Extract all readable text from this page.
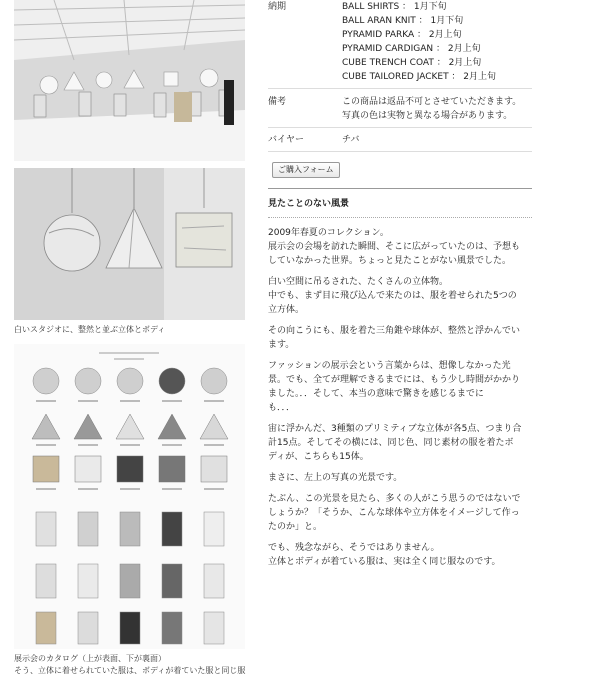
白いスタジオに、整然と並ぶ立体とボディ
展示会のカタログ（上が表面、下が裏面）
そう、立体に着せられていた服は、ボディが着ていた服と同じ服
納期	BALL SHIRTS ： 1月下旬
BALL ARAN KNIT ： 1月下旬
PYRAMID PARKA ： 2月上旬
PYRAMID CARDIGAN ： 2月上旬
CUBE TRENCH COAT ： 2月上旬
CUBE TAILORED JACKET ： 2月上旬
備考	この商品は返品不可とさせていただきます。
写真の色は実物と異なる場合があります。
バイヤー	チバ
ご購入フォーム
見たことのない風景
2009年春夏のコレクション。
展示会の会場を訪れた瞬間、そこに広がっていたのは、予想も
していなかった世界。ちょっと見たことがない風景でした。
白い空間に吊るされた、たくさんの立体物。
中でも、まず目に飛び込んで来たのは、服を着せられた5つの
立方体。
その向こうにも、服を着た三角錐や球体が、整然と浮かんでい
ます。
ファッションの展示会という言葉からは、想像しなかった光
景。でも、全てが理解できるまでには、もう少し時間がかかり
ました。．．そして、本当の意味で驚きを感じるまでに
も．．．
宙に浮かんだ、3種類のプリミティブな立体が各5点、つまり合
計15点。そしてその横には、同じ色、同じ素材の服を着たボ
ディが、こちらも15体。
まさに、左上の写真の光景です。
たぶん、この光景を見たら、多くの人がこう思うのではないで
しょうか？「そうか、こんな球体や立方体をイメージして作っ
たのか」と。
でも、残念ながら、そうではありません。
立体とボディが着ている服は、実は全く同じ服なのです。
